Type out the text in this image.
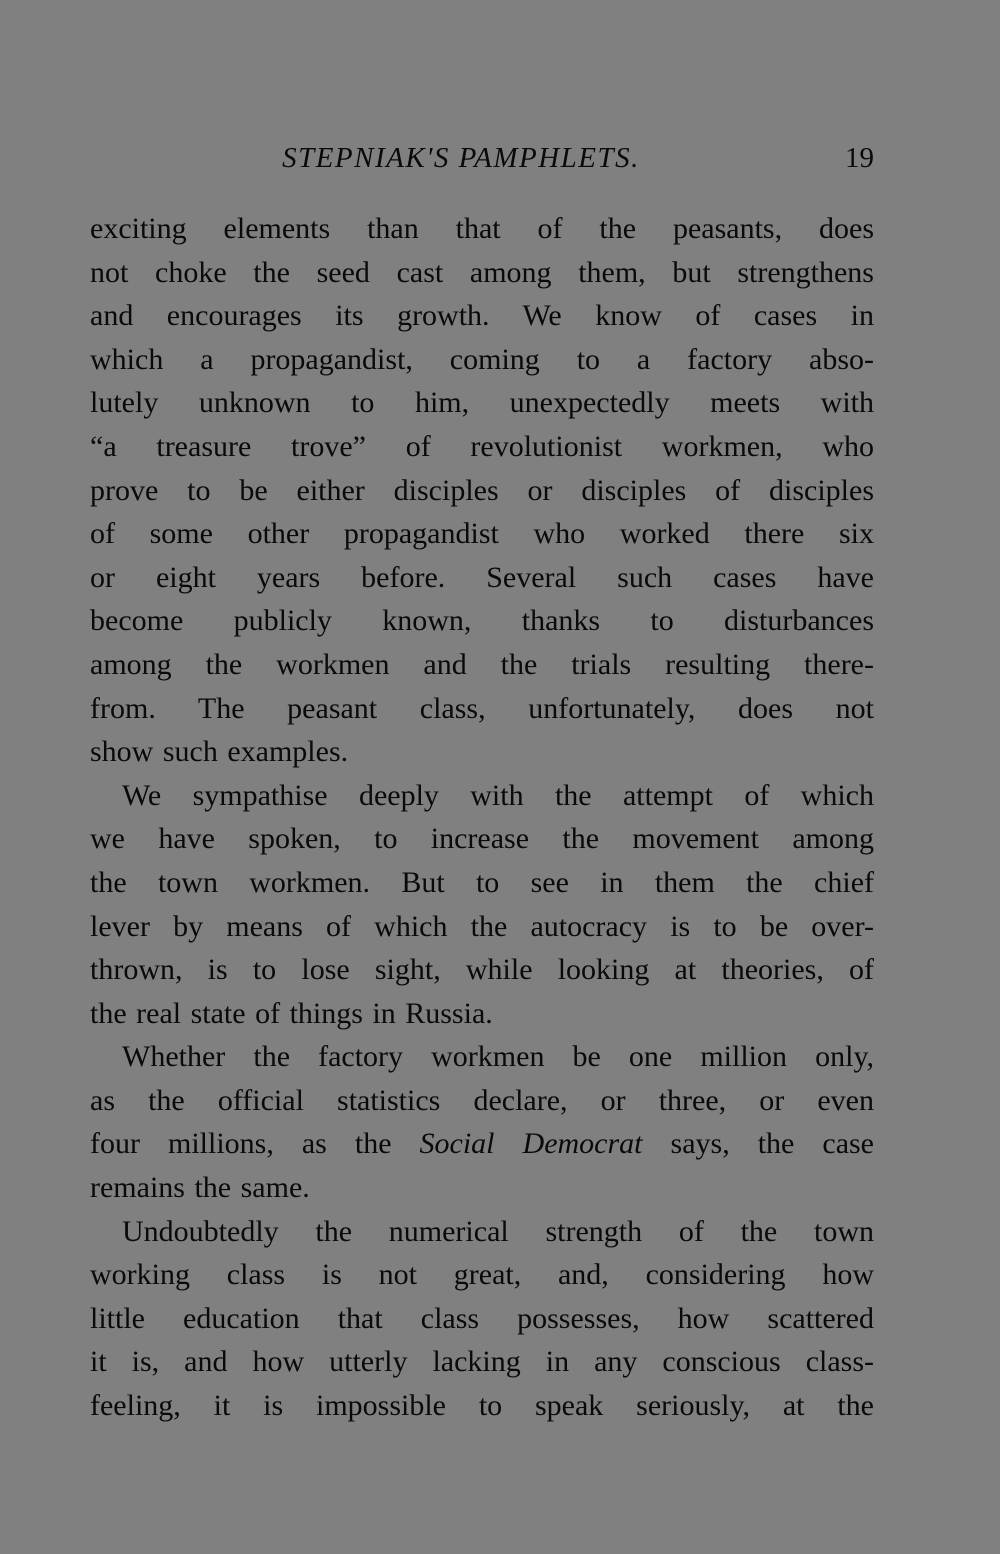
STEPNIAK'S PAMPHLETS.	19

exciting elements than that of the peasants, does
not choke the seed cast among them, but strengthens
and encourages its growth. We know of cases in
which a propagandist, coming to a factory abso-
lutely unknown to him, unexpectedly meets with
“a treasure trove” of revolutionist workmen, who
prove to be either disciples or disciples of disciples
of some other propagandist who worked there six
or eight years before. Several such cases have
become publicly known, thanks to disturbances
among the workmen and the trials resulting there-
from. The peasant class, unfortunately, does not
show such examples.

We sympathise deeply with the attempt of which
we have spoken, to increase the movement among
the town workmen. But to see in them the chief
lever by means of which the autocracy is to be over-
thrown, is to lose sight, while looking at theories, of
the real state of things in Russia.

Whether the factory workmen be one million only,
as the official statistics declare, or three, or even
four millions, as the Social Democrat says, the case
remains the same.

Undoubtedly the numerical strength of the town
working class is not great, and, considering how
little education that class possesses, how scattered
it is, and how utterly lacking in any conscious class-
feeling, it is impossible to speak seriously, at the
